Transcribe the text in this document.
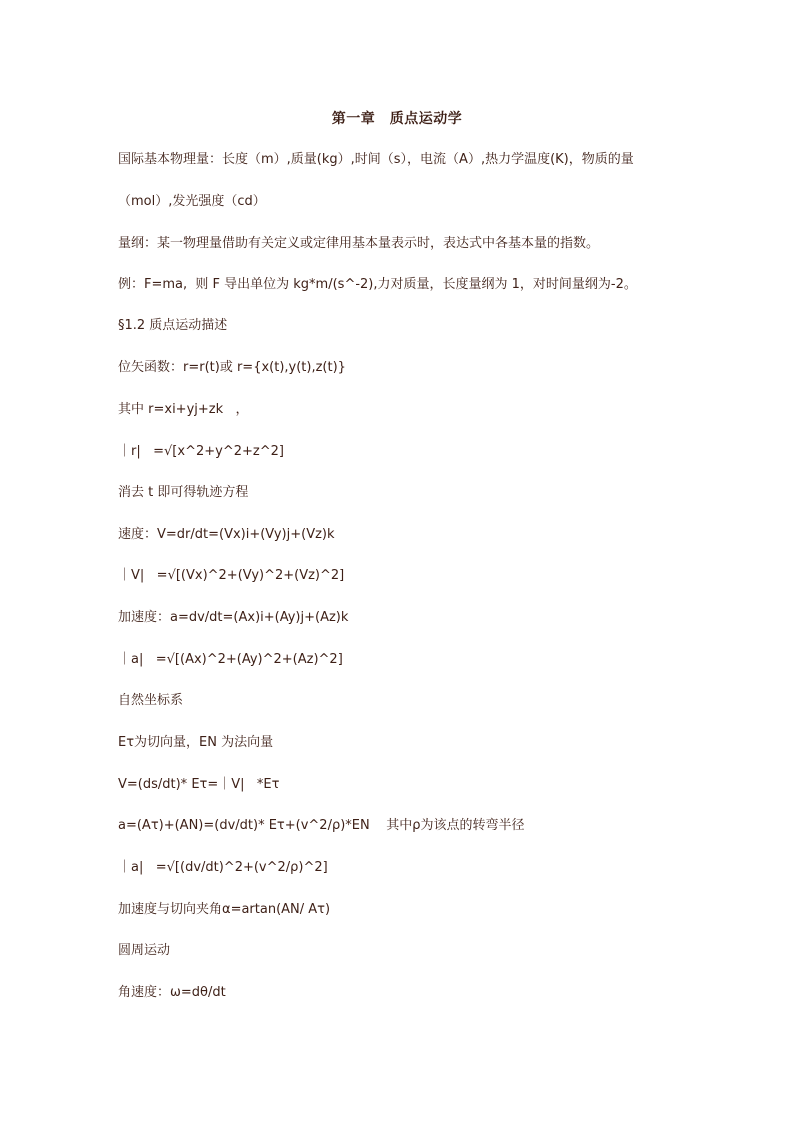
第一章　质点运动学
国际基本物理量：长度（m）,质量(kg）,时间（s），电流（A）,热力学温度(K)，物质的量
（mol）,发光强度（cd）
量纲：某一物理量借助有关定义或定律用基本量表示时，表达式中各基本量的指数。
例：F=ma,  则 F 导出单位为 kg*m/(s^-2),力对质量，长度量纲为 1，对时间量纲为-2。
§1.2 质点运动描述
位矢函数：r=r(t)或 r={x(t),y(t),z(t)}
其中 r=xi+yj+zk   ，
｜r|   =√[x^2+y^2+z^2]
消去 t 即可得轨迹方程
速度：V=dr/dt=(Vx)i+(Vy)j+(Vz)k
｜V|   =√[(Vx)^2+(Vy)^2+(Vz)^2]
加速度：a=dv/dt=(Ax)i+(Ay)j+(Az)k
｜a|   =√[(Ax)^2+(Ay)^2+(Az)^2]
自然坐标系
Eτ为切向量，EN 为法向量
V=(ds/dt)* Eτ=｜V|   *Eτ
a=(Aτ)+(AN)=(dv/dt)* Eτ+(v^2/ρ)*EN    其中ρ为该点的转弯半径
｜a|   =√[(dv/dt)^2+(v^2/ρ)^2]
加速度与切向夹角α=artan(AN/ Aτ)
圆周运动
角速度：ω=dθ/dt
